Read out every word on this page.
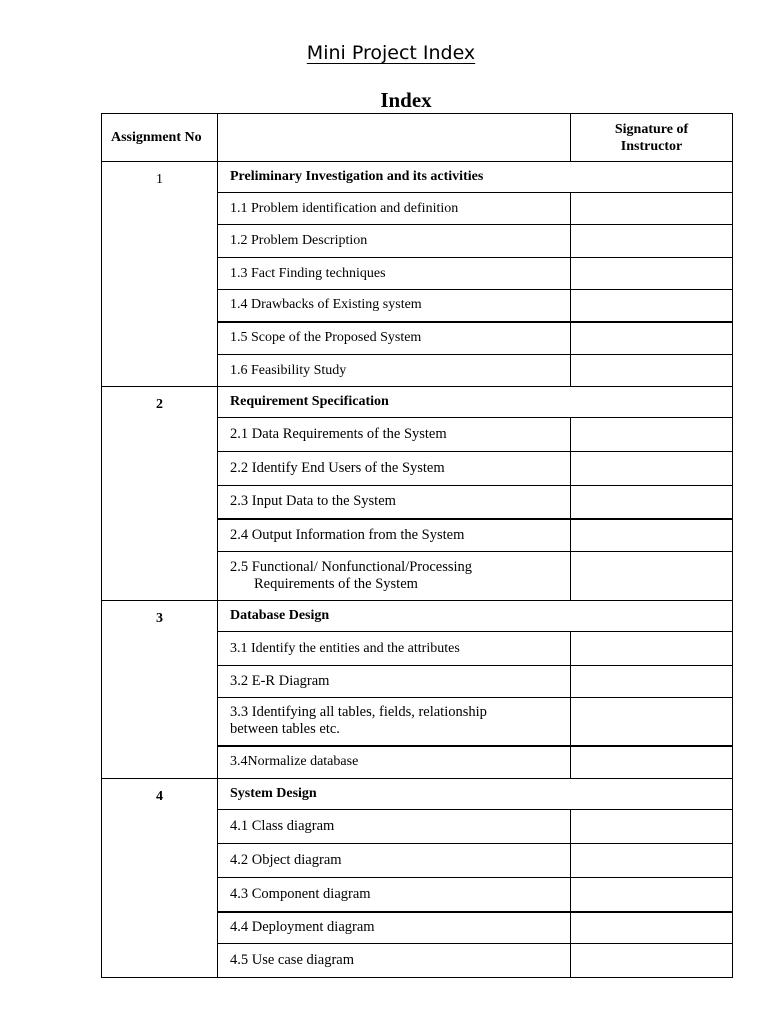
Mini Project Index
Index
Assignment No		Signature of
Instructor
1	Preliminary Investigation and its activities	
	1.1 Problem identification and definition	
	1.2 Problem Description	
	1.3 Fact Finding techniques	
	1.4 Drawbacks of Existing system	
	1.5 Scope of the Proposed System	
	1.6 Feasibility Study	
2	Requirement Specification	
	2.1 Data Requirements of the System	
	2.2 Identify End Users of the System	
	2.3 Input Data to the System	
	2.4 Output Information from the System	

	2.5 Functional/ Nonfunctional/Processing
Requirements of the System	

3	Database Design	
	3.1 Identify the entities and the attributes	
	3.2 E-R Diagram	

	3.3 Identifying all tables, fields, relationship
between tables etc.	

	3.4Normalize database	
4	System Design	
	4.1 Class diagram	
	4.2 Object diagram	
	4.3 Component diagram	
	4.4 Deployment diagram	
	4.5 Use case diagram	
